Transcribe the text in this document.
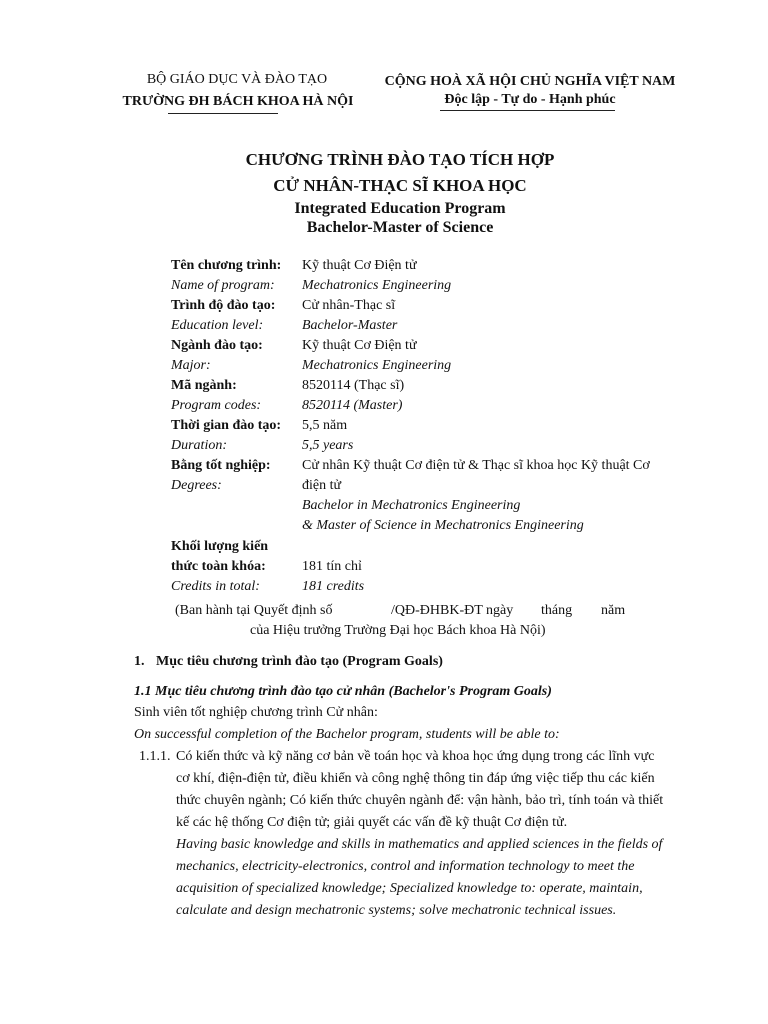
BỘ GIÁO DỤC VÀ ĐÀO TẠO
TRƯỜNG ĐH BÁCH KHOA HÀ NỘI
CỘNG HOÀ XÃ HỘI CHỦ NGHĨA VIỆT NAM
Độc lập - Tự do - Hạnh phúc
CHƯƠNG TRÌNH ĐÀO TẠO TÍCH HỢP
CỬ NHÂN-THẠC SĨ KHOA HỌC
Integrated Education Program
Bachelor-Master of Science
Tên chương trình: Kỹ thuật Cơ Điện tử
Name of program: Mechatronics Engineering
Trình độ đào tạo: Cử nhân-Thạc sĩ
Education level:	Bachelor-Master
Ngành đào tạo:	Kỹ thuật Cơ Điện tử
Major:	Mechatronics Engineering
Mã ngành:	8520114 (Thạc sĩ)
Program codes:	8520114 (Master)
Thời gian đào tạo: 5,5 năm
Duration:	5,5 years
Bằng tốt nghiệp: Cử nhân Kỹ thuật Cơ điện tử & Thạc sĩ khoa học Kỹ thuật Cơ
Degrees:	điện tử
Bachelor in Mechatronics Engineering
& Master of Science in Mechatronics Engineering
Khối lượng kiến
thức toàn khóa:	181 tín chỉ
Credits in total:	181 credits
(Ban hành tại Quyết định số	/QĐ-ĐHBK-ĐT ngày tháng năm
của Hiệu trưởng Trường Đại học Bách khoa Hà Nội)
1. Mục tiêu chương trình đào tạo (Program Goals)
1.1 Mục tiêu chương trình đào tạo cử nhân (Bachelor's Program Goals)
Sinh viên tốt nghiệp chương trình Cử nhân:
On successful completion of the Bachelor program, students will be able to:
1.1.1. Có kiến thức và kỹ năng cơ bản về toán học và khoa học ứng dụng trong các lĩnh vực
cơ khí, điện-điện tử, điều khiển và công nghệ thông tin đáp ứng việc tiếp thu các kiến
thức chuyên ngành; Có kiến thức chuyên ngành để: vận hành, bảo trì, tính toán và thiết
kế các hệ thống Cơ điện tử; giải quyết các vấn đề kỹ thuật Cơ điện tử.
Having basic knowledge and skills in mathematics and applied sciences in the fields of
mechanics, electricity-electronics, control and information technology to meet the
acquisition of specialized knowledge; Specialized knowledge to: operate, maintain,
calculate and design mechatronic systems; solve mechatronic technical issues.
